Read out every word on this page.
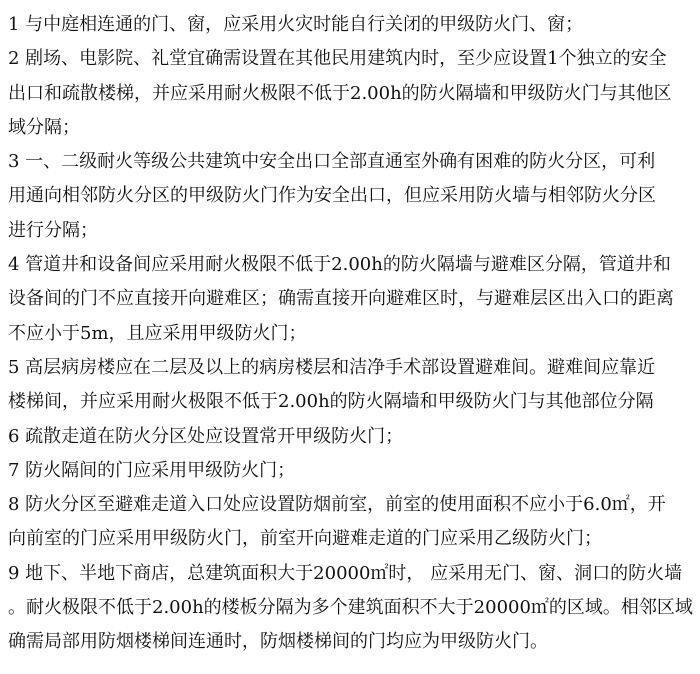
1 与中庭相连通的门、窗，应采用火灾时能自行关闭的甲级防火门、窗；
2 剧场、电影院、礼堂宜确需设置在其他民用建筑内时，至少应设置1个独立的安全
出口和疏散楼梯，并应采用耐火极限不低于2.00h的防火隔墙和甲级防火门与其他区
域分隔；
3 一、二级耐火等级公共建筑中安全出口全部直通室外确有困难的防火分区，可利
用通向相邻防火分区的甲级防火门作为安全出口，但应采用防火墙与相邻防火分区
进行分隔；
4 管道井和设备间应采用耐火极限不低于2.00h的防火隔墙与避难区分隔，管道井和
设备间的门不应直接开向避难区；确需直接开向避难区时，与避难层区出入口的距离
不应小于5m，且应采用甲级防火门；
5 高层病房楼应在二层及以上的病房楼层和洁净手术部设置避难间。避难间应靠近
楼梯间，并应采用耐火极限不低于2.00h的防火隔墙和甲级防火门与其他部位分隔
6 疏散走道在防火分区处应设置常开甲级防火门；
7 防火隔间的门应采用甲级防火门；
8 防火分区至避难走道入口处应设置防烟前室，前室的使用面积不应小于6.0㎡，开
向前室的门应采用甲级防火门，前室开向避难走道的门应采用乙级防火门；
9 地下、半地下商店，总建筑面积大于20000㎡时， 应采用无门、窗、洞口的防火墙
。耐火极限不低于2.00h的楼板分隔为多个建筑面积不大于20000㎡的区域。相邻区域
确需局部用防烟楼梯间连通时，防烟楼梯间的门均应为甲级防火门。
